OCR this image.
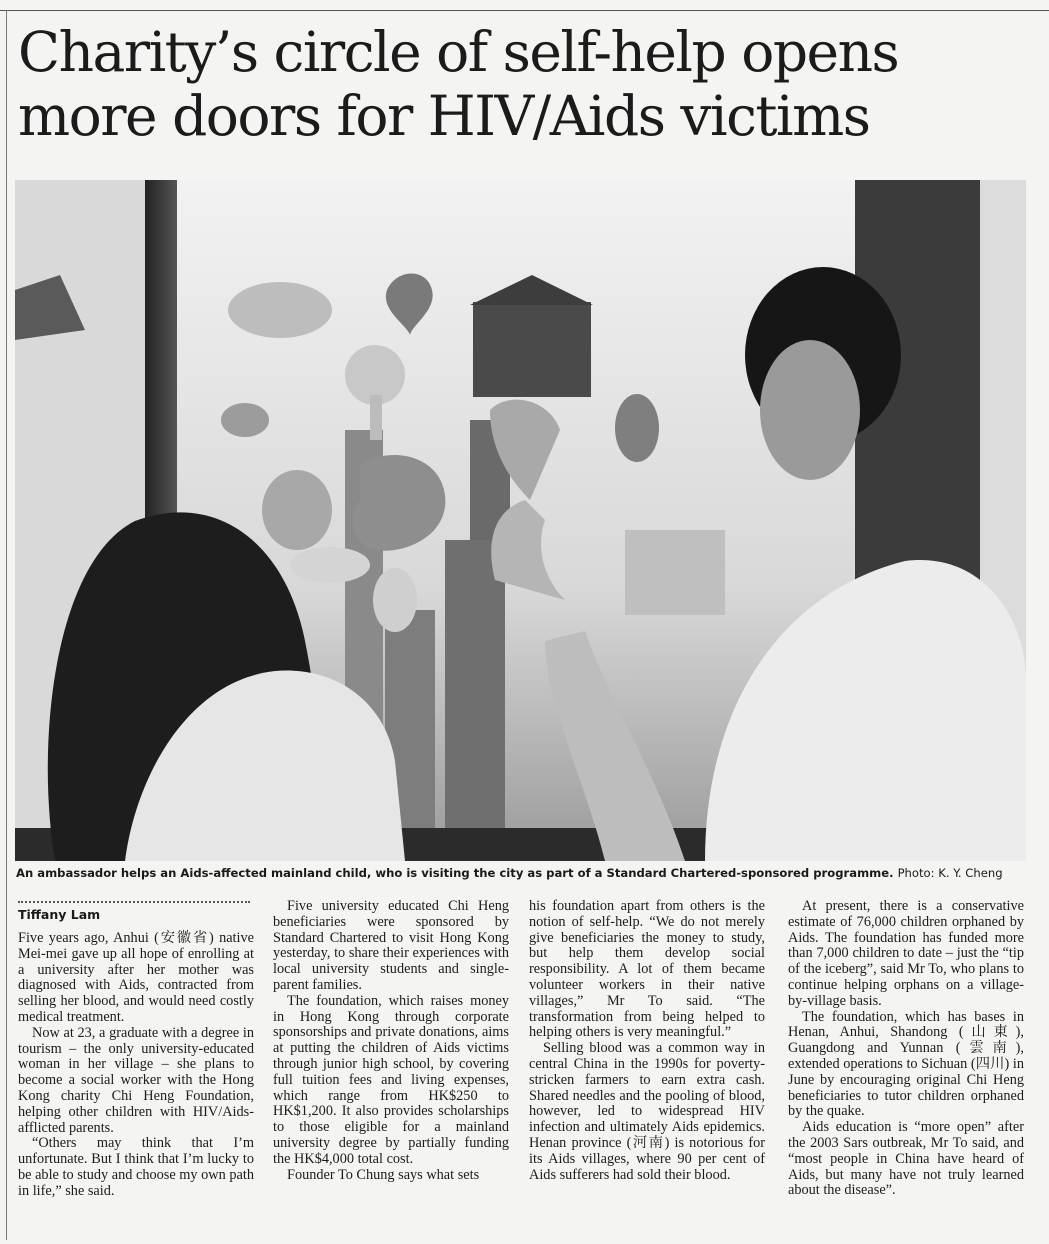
Charity’s circle of self-help opens
more doors for HIV/Aids victims
An ambassador helps an Aids-affected mainland child, who is visiting the city as part of a Standard Chartered-sponsored programme. Photo: K. Y. Cheng
Tiffany Lam

Five years ago, Anhui (安徽省) native Mei-mei gave up all hope of enrolling at a university after her mother was diagnosed with Aids, contracted from selling her blood, and would need costly medical treatment.

Now at 23, a graduate with a degree in tourism – the only university-educated woman in her village – she plans to become a social worker with the Hong Kong charity Chi Heng Foundation, helping other children with HIV/Aids-afflicted parents.

“Others may think that I’m unfortunate. But I think that I’m lucky to be able to study and choose my own path in life,” she said.

Five university educated Chi Heng beneficiaries were sponsored by Standard Chartered to visit Hong Kong yesterday, to share their experiences with local university students and single-parent families.

The foundation, which raises money in Hong Kong through corporate sponsorships and private donations, aims at putting the children of Aids victims through junior high school, by covering full tuition fees and living expenses, which range from HK$250 to HK$1,200. It also provides scholarships to those eligible for a mainland university degree by partially funding the HK$4,000 total cost.

Founder To Chung says what sets

his foundation apart from others is the notion of self-help. “We do not merely give beneficiaries the money to study, but help them develop social responsibility. A lot of them became volunteer workers in their native villages,” Mr To said. “The transformation from being helped to helping others is very meaningful.”

Selling blood was a common way in central China in the 1990s for poverty-stricken farmers to earn extra cash. Shared needles and the pooling of blood, however, led to widespread HIV infection and ultimately Aids epidemics. Henan province (河南) is notorious for its Aids villages, where 90 per cent of Aids sufferers had sold their blood.

At present, there is a conservative estimate of 76,000 children orphaned by Aids. The foundation has funded more than 7,000 children to date – just the “tip of the iceberg”, said Mr To, who plans to continue helping orphans on a village-by-village basis.

The foundation, which has bases in Henan, Anhui, Shandong (山東), Guangdong and Yunnan (雲南), extended operations to Sichuan (四川) in June by encouraging original Chi Heng beneficiaries to tutor children orphaned by the quake.

Aids education is “more open” after the 2003 Sars outbreak, Mr To said, and “most people in China have heard of Aids, but many have not truly learned about the disease”.
